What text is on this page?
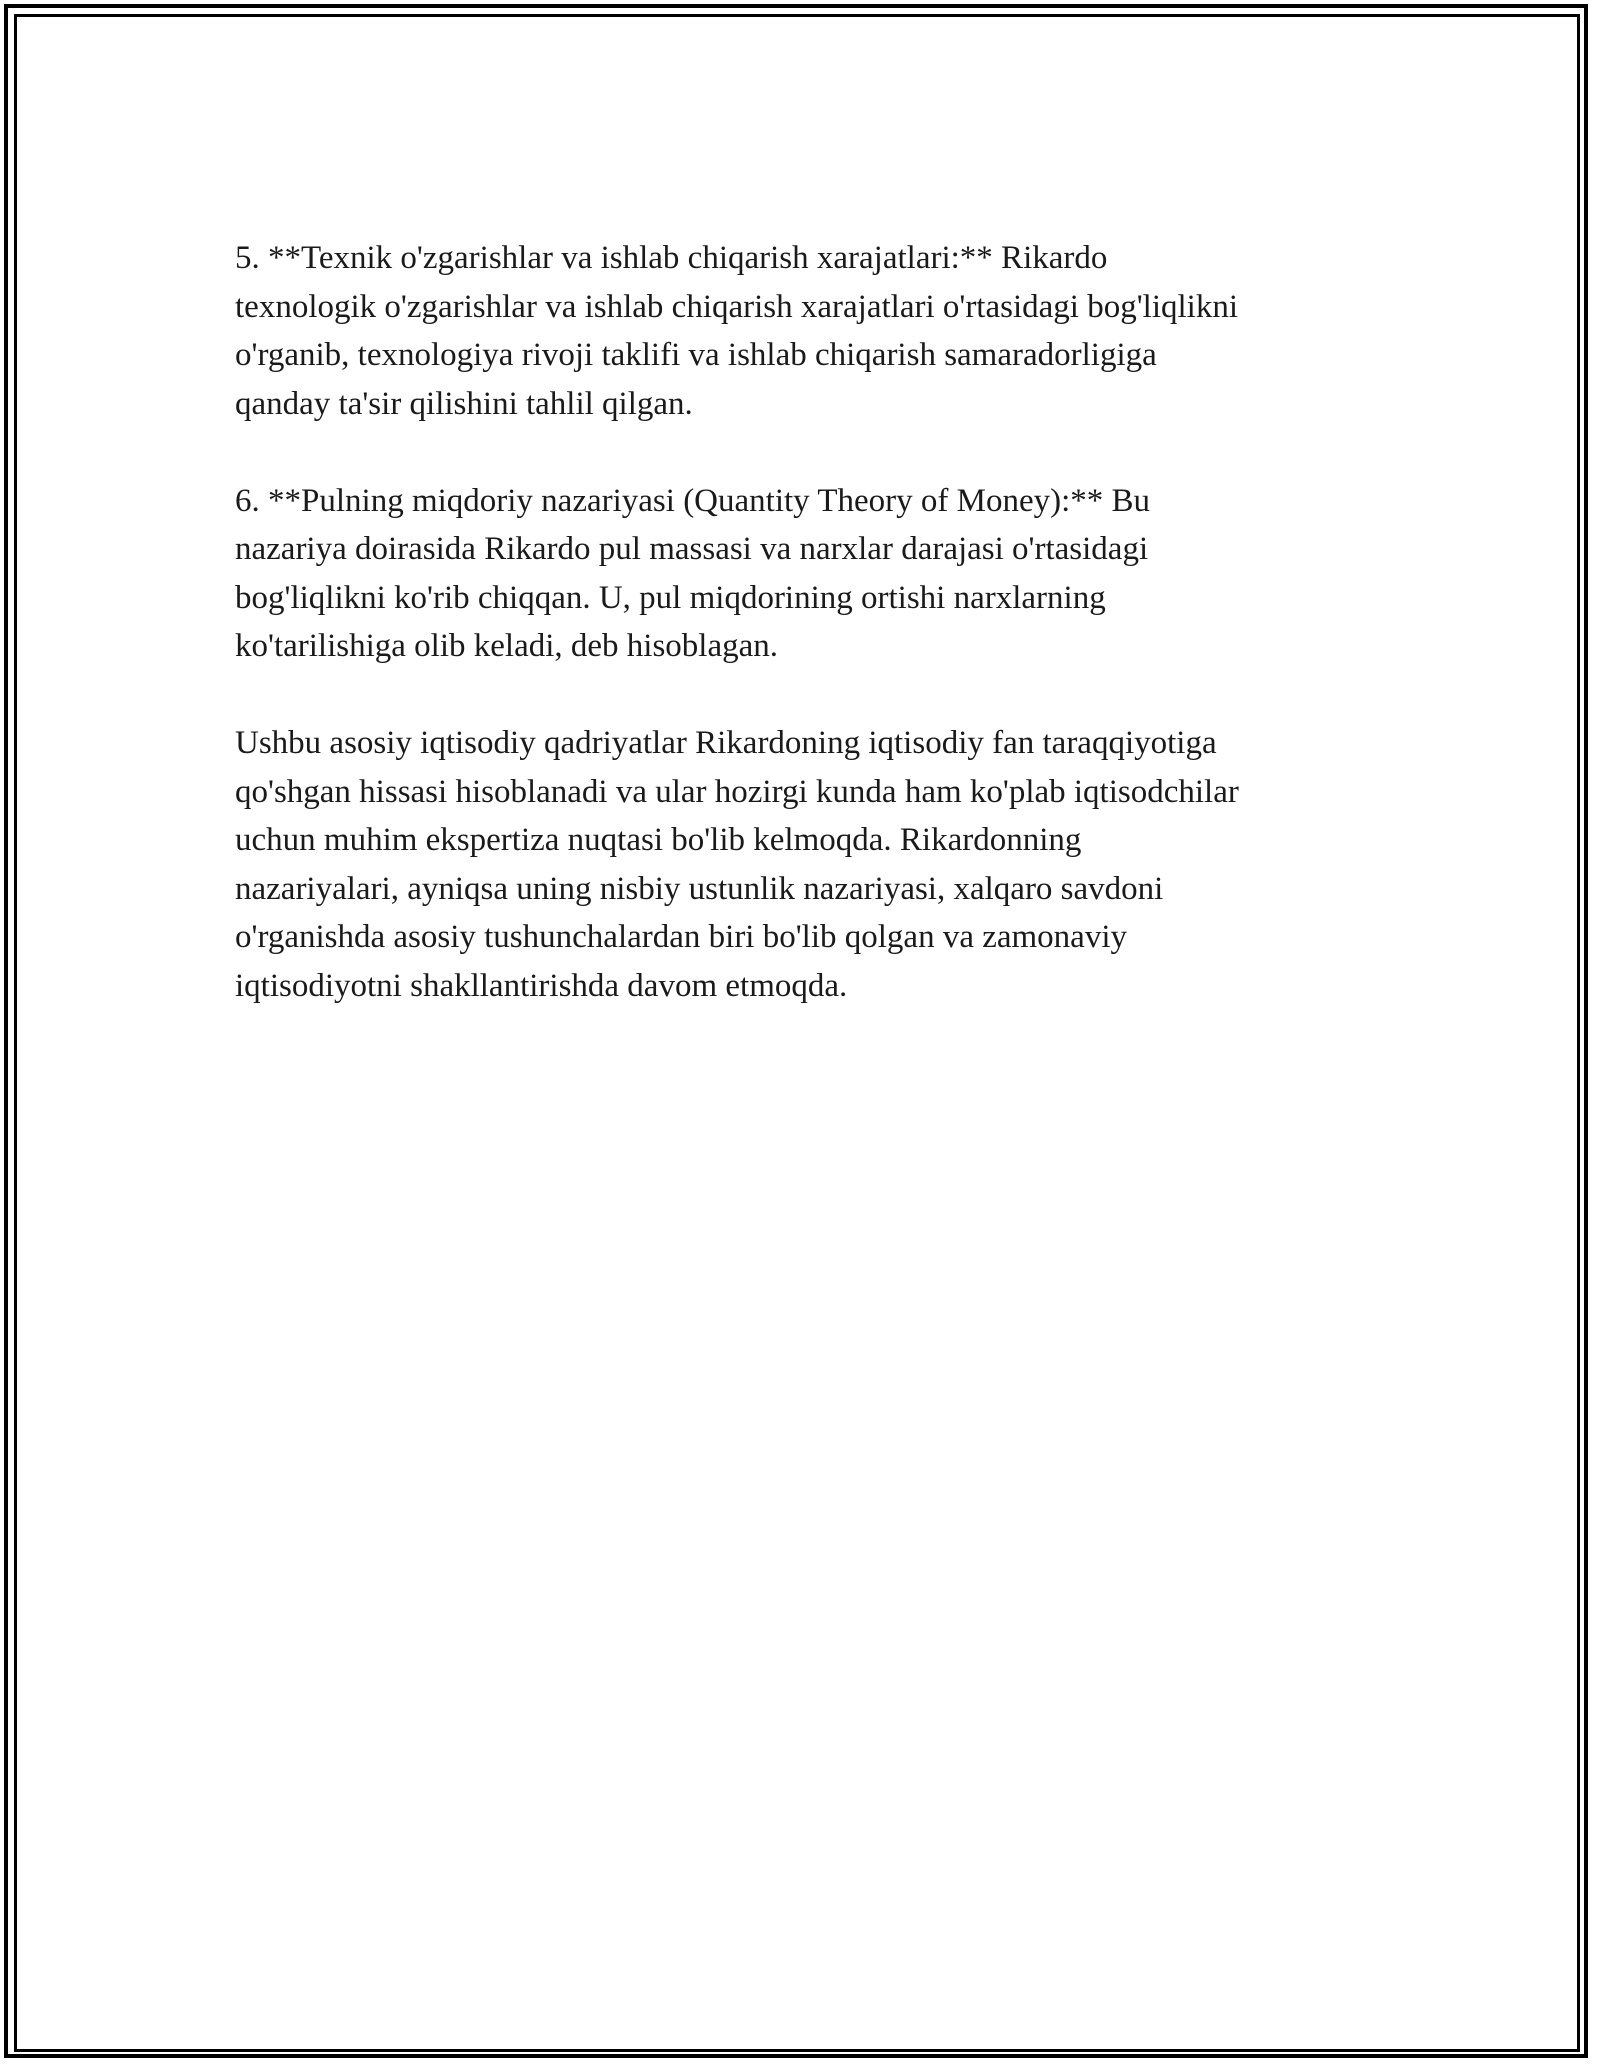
5. **Texnik o'zgarishlar va ishlab chiqarish xarajatlari:** Rikardo
texnologik o'zgarishlar va ishlab chiqarish xarajatlari o'rtasidagi bog'liqlikni
o'rganib, texnologiya rivoji taklifi va ishlab chiqarish samaradorligiga
qanday ta'sir qilishini tahlil qilgan.

6. **Pulning miqdoriy nazariyasi (Quantity Theory of Money):** Bu
nazariya doirasida Rikardo pul massasi va narxlar darajasi o'rtasidagi
bog'liqlikni ko'rib chiqqan. U, pul miqdorining ortishi narxlarning
ko'tarilishiga olib keladi, deb hisoblagan.

Ushbu asosiy iqtisodiy qadriyatlar Rikardoning iqtisodiy fan taraqqiyotiga
qo'shgan hissasi hisoblanadi va ular hozirgi kunda ham ko'plab iqtisodchilar
uchun muhim ekspertiza nuqtasi bo'lib kelmoqda. Rikardonning
nazariyalari, ayniqsa uning nisbiy ustunlik nazariyasi, xalqaro savdoni
o'rganishda asosiy tushunchalardan biri bo'lib qolgan va zamonaviy
iqtisodiyotni shakllantirishda davom etmoqda.
